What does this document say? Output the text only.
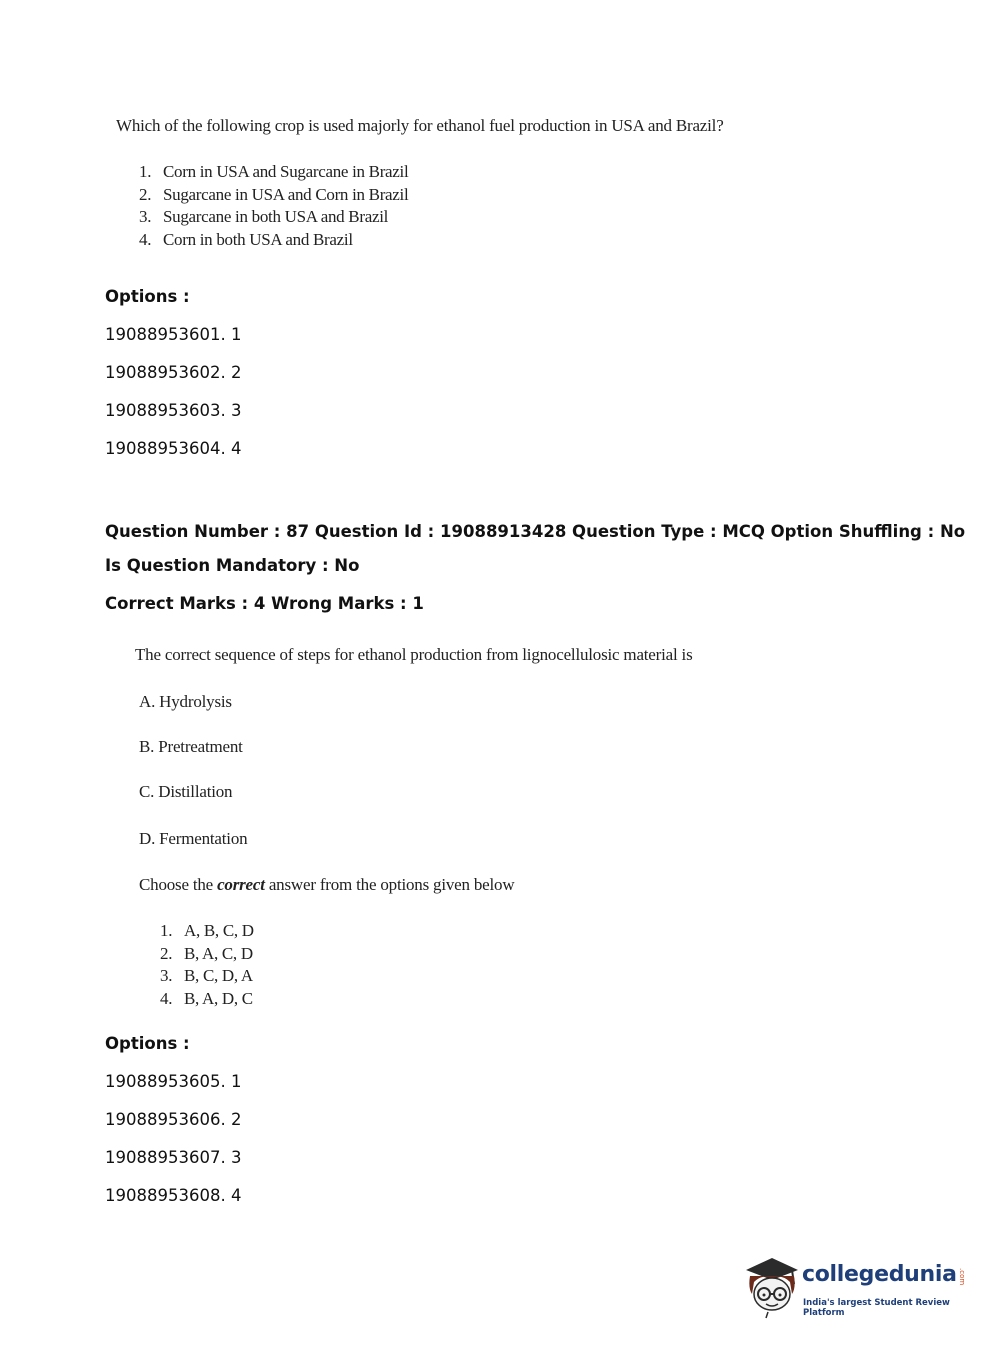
Which of the following crop is used majorly for ethanol fuel production in USA and Brazil?
1. Corn in USA and Sugarcane in Brazil
2. Sugarcane in USA and Corn in Brazil
3. Sugarcane in both USA and Brazil
4. Corn in both USA and Brazil
Options :
19088953601. 1
19088953602. 2
19088953603. 3
19088953604. 4
Question Number : 87 Question Id : 19088913428 Question Type : MCQ Option Shuffling : No
Is Question Mandatory : No
Correct Marks : 4 Wrong Marks : 1
The correct sequence of steps for ethanol production from lignocellulosic material is
A. Hydrolysis
B. Pretreatment
C. Distillation
D. Fermentation
Choose the correct answer from the options given below
1. A, B, C, D
2. B, A, C, D
3. B, C, D, A
4. B, A, D, C
Options :
19088953605. 1
19088953606. 2
19088953607. 3
19088953608. 4
collegedunia .com
India's largest Student Review Platform
